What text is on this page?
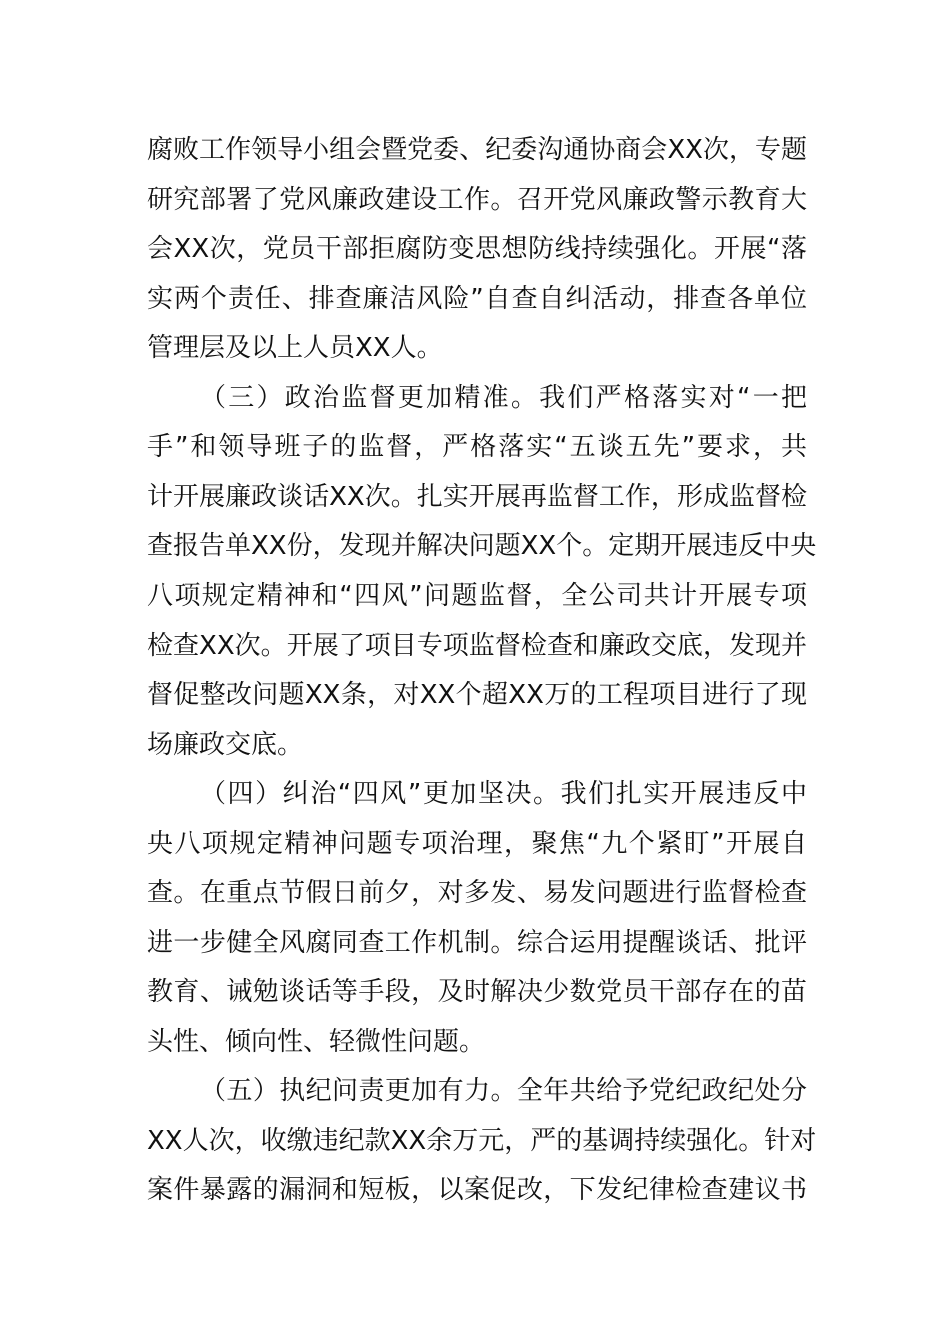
腐败工作领导小组会暨党委、纪委沟通协商会XX次，专题
研究部署了党风廉政建设工作。召开党风廉政警示教育大
会XX次，党员干部拒腐防变思想防线持续强化。开展“落
实两个责任、排查廉洁风险”自查自纠活动，排查各单位
管理层及以上人员XX人。
（三）政治监督更加精准。我们严格落实对“一把
手”和领导班子的监督，严格落实“五谈五先”要求，共
计开展廉政谈话XX次。扎实开展再监督工作，形成监督检
查报告单XX份，发现并解决问题XX个。定期开展违反中央
八项规定精神和“四风”问题监督，全公司共计开展专项
检查XX次。开展了项目专项监督检查和廉政交底，发现并
督促整改问题XX条，对XX个超XX万的工程项目进行了现
场廉政交底。
（四）纠治“四风”更加坚决。我们扎实开展违反中
央八项规定精神问题专项治理，聚焦“九个紧盯”开展自
查。在重点节假日前夕，对多发、易发问题进行监督检查
进一步健全风腐同查工作机制。综合运用提醒谈话、批评
教育、诫勉谈话等手段，及时解决少数党员干部存在的苗
头性、倾向性、轻微性问题。
（五）执纪问责更加有力。全年共给予党纪政纪处分
XX人次，收缴违纪款XX余万元，严的基调持续强化。针对
案件暴露的漏洞和短板，以案促改，下发纪律检查建议书
